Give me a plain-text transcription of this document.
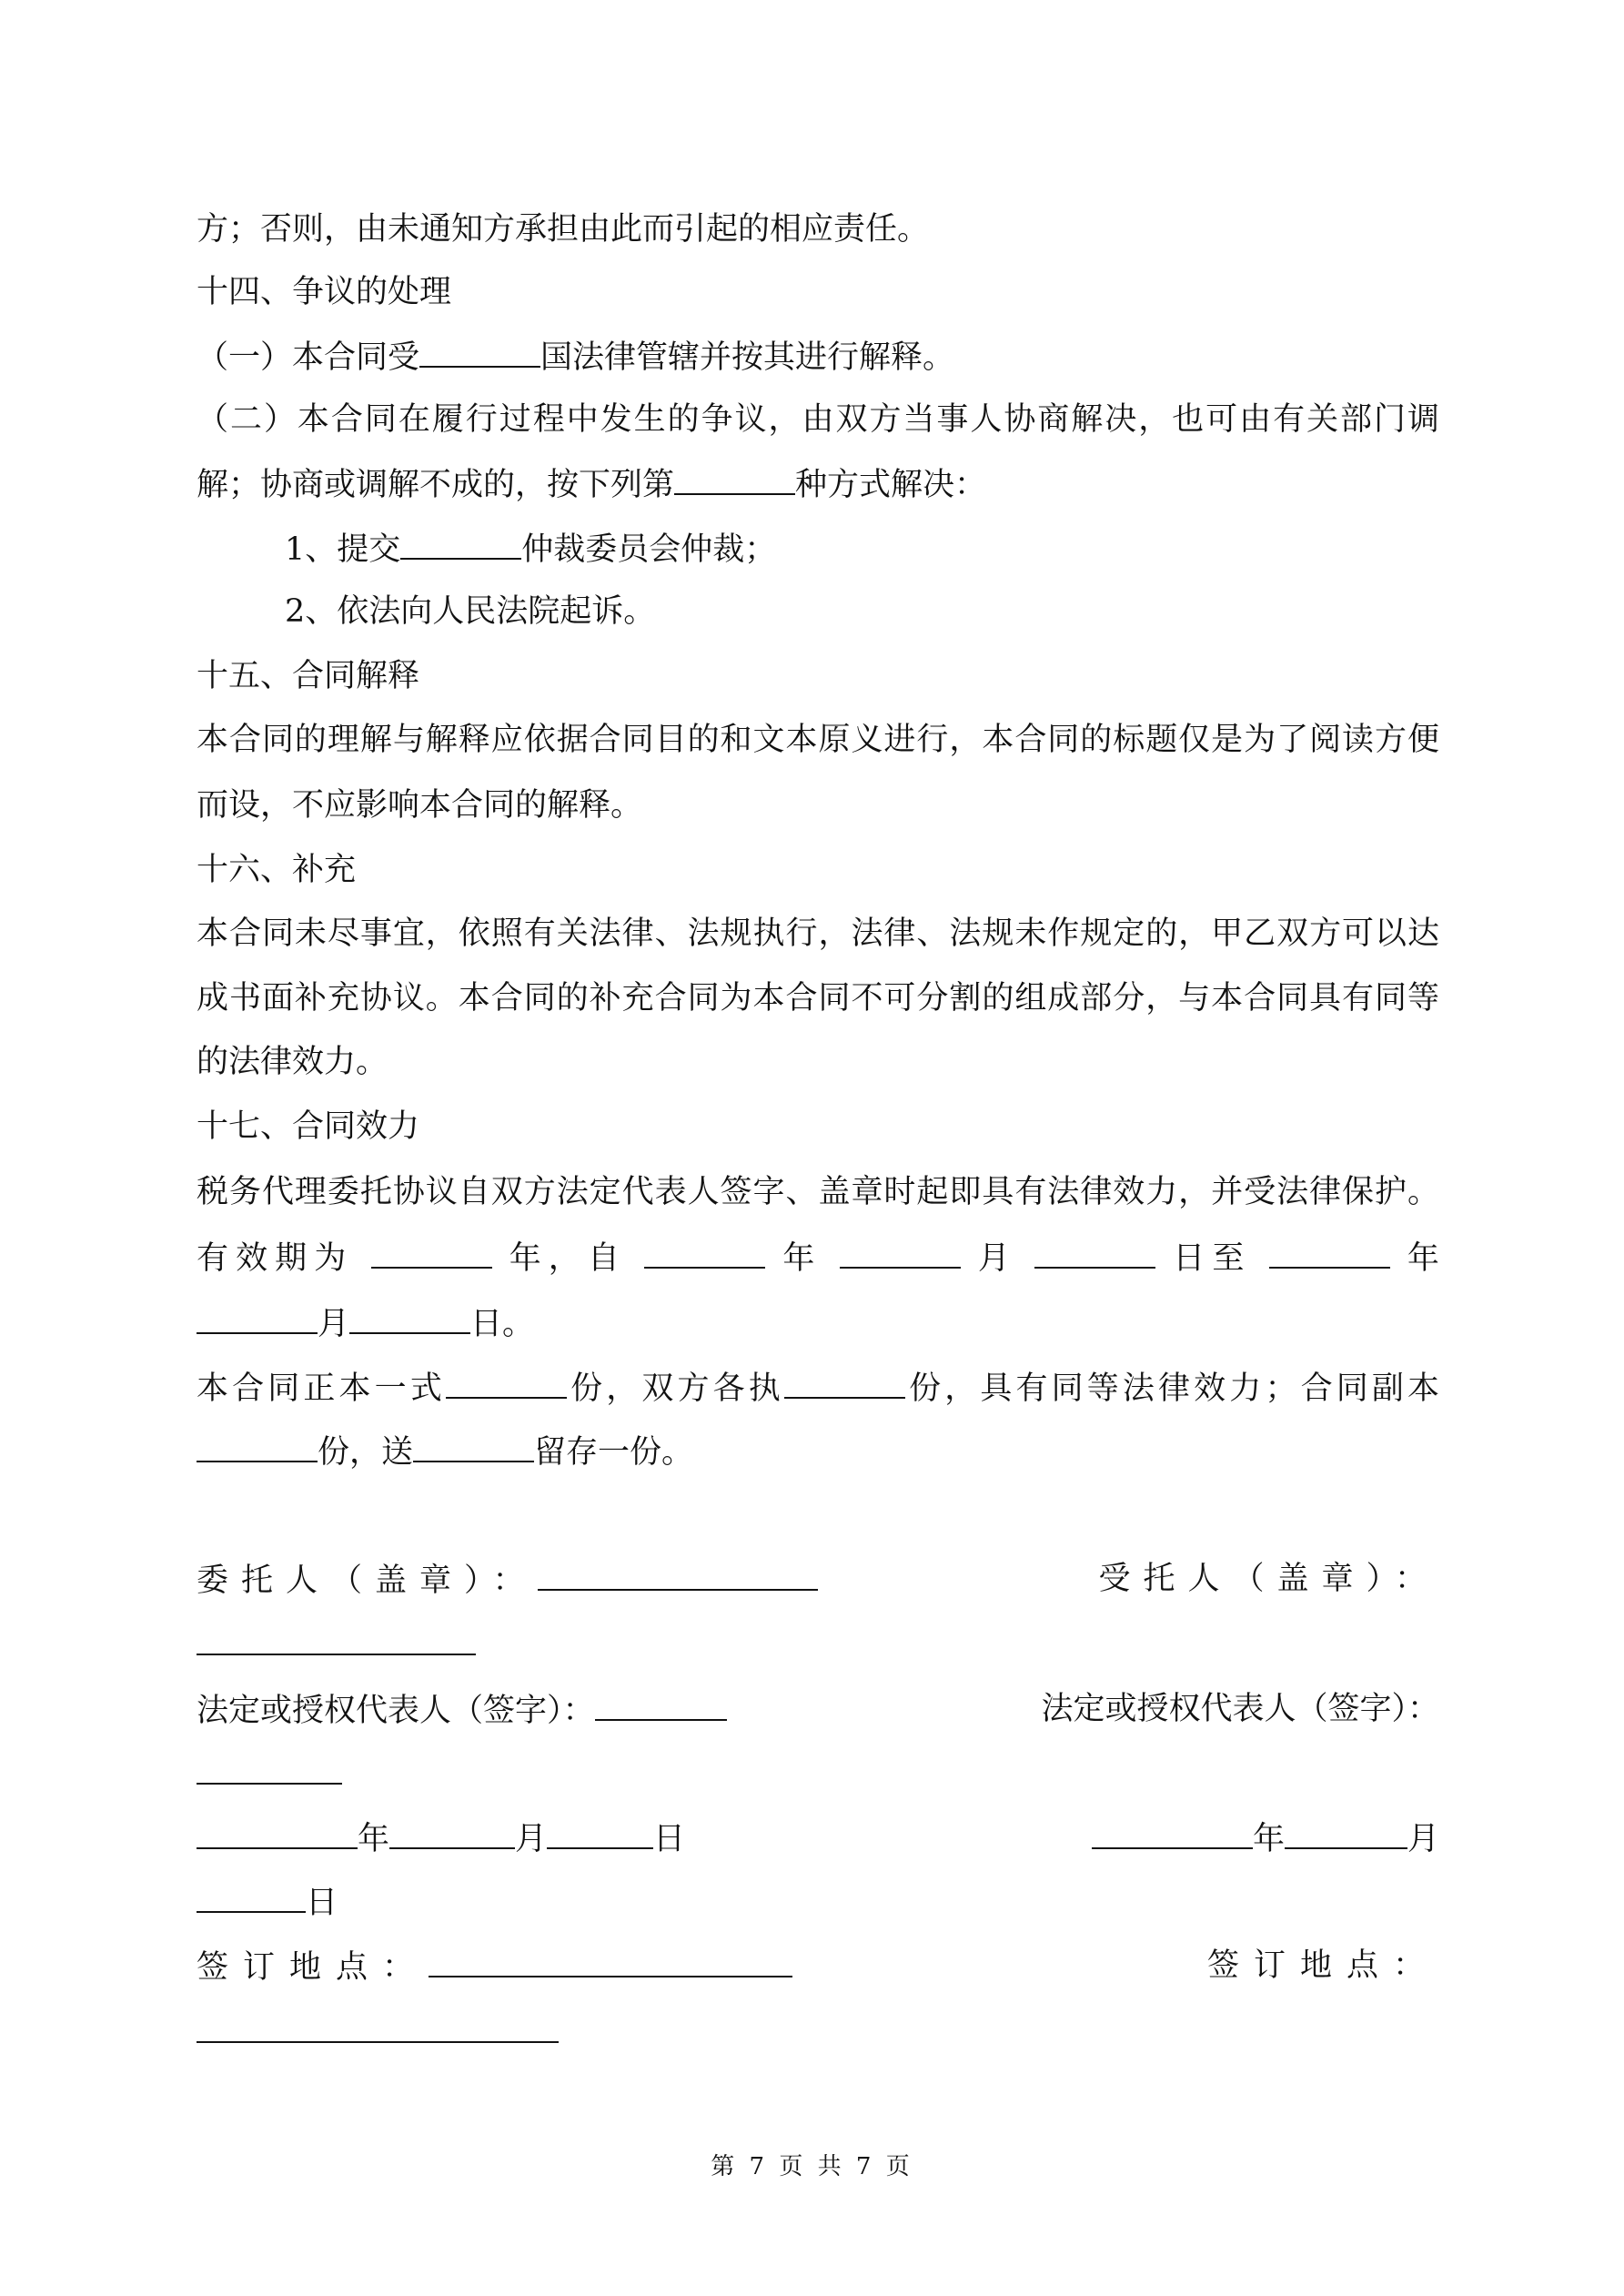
方；否则，由未通知方承担由此而引起的相应责任。
十四、争议的处理
（一）本合同受	国法律管辖并按其进行解释。
（二）本合同在履行过程中发生的争议，由双方当事人协商解决，也可由有关部门调
解；协商或调解不成的，按下列第	种方式解决：
1、提交	仲裁委员会仲裁；
2、依法向人民法院起诉。
十五、合同解释
本合同的理解与解释应依据合同目的和文本原义进行，本合同的标题仅是为了阅读方便
而设，不应影响本合同的解释。
十六、补充
本合同未尽事宜，依照有关法律、法规执行，法律、法规未作规定的，甲乙双方可以达
成书面补充协议。本合同的补充合同为本合同不可分割的组成部分，与本合同具有同等
的法律效力。
十七、合同效力
税务代理委托协议自双方法定代表人签字、盖章时起即具有法律效力，并受法律保护。
有效期为	年，自	年	月	日至	年
月	日。
本合同正本一式	份，双方各执	份，具有同等法律效力；合同副本
份，送	留存一份。
委托人（盖章）：	受托人（盖章）：
法定或授权代表人（签字）：	法定或授权代表人（签字）：
年	月	日	年	月
日
签订地点：	签订地点：
第 7 页 共 7 页
